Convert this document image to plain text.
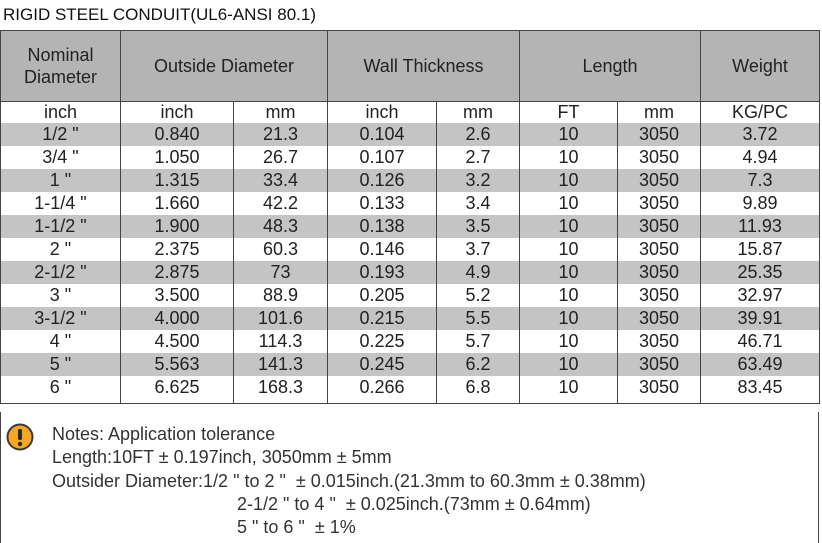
RIGID STEEL CONDUIT(UL6-ANSI 80.1)
Nominal Diameter	Outside Diameter		Wall Thickness		Length		Weight
inch	inch	mm	inch	mm	FT	mm	KG/PC
1/2 "	0.840	21.3	0.104	2.6	10	3050	3.72
3/4 "	1.050	26.7	0.107	2.7	10	3050	4.94
1 "	1.315	33.4	0.126	3.2	10	3050	7.3
1-1/4 "	1.660	42.2	0.133	3.4	10	3050	9.89
1-1/2 "	1.900	48.3	0.138	3.5	10	3050	11.93
2 "	2.375	60.3	0.146	3.7	10	3050	15.87
2-1/2 "	2.875	73	0.193	4.9	10	3050	25.35
3 "	3.500	88.9	0.205	5.2	10	3050	32.97
3-1/2 "	4.000	101.6	0.215	5.5	10	3050	39.91
4 "	4.500	114.3	0.225	5.7	10	3050	46.71
5 "	5.563	141.3	0.245	6.2	10	3050	63.49
6 "	6.625	168.3	0.266	6.8	10	3050	83.45
Notes: Application tolerance
Length:10FT ± 0.197inch, 3050mm ± 5mm
Outsider Diameter:1/2 " to 2 "  ± 0.015inch.(21.3mm to 60.3mm ± 0.38mm)
2-1/2 " to 4 "  ± 0.025inch.(73mm ± 0.64mm)
5 " to 6 "  ± 1%
